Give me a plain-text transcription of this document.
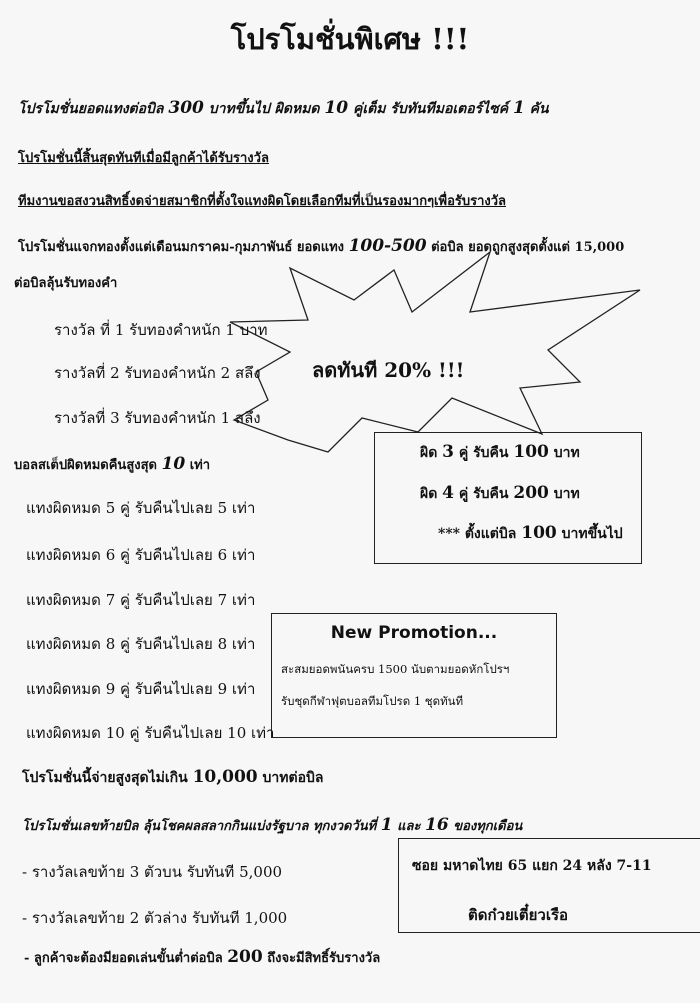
โปรโมชั่นพิเศษ !!!
โปรโมชั่นยอดแทงต่อบิล 300 บาทขึ้นไป ผิดหมด 10 คู่เต็ม รับทันทีมอเตอร์ไซค์ 1 คัน
โปรโมชั่นนี้สิ้นสุดทันทีเมื่อมีลูกค้าได้รับรางวัล
ทีมงานขอสงวนสิทธิ์งดจ่ายสมาชิกที่ตั้งใจแทงผิดโดยเลือกทีมที่เป็นรองมากๆเพื่อรับรางวัล
โปรโมชั่นแจกทองตั้งแต่เดือนมกราคม-กุมภาพันธ์ ยอดแทง 100-500 ต่อบิล ยอดถูกสูงสุดตั้งแต่ 15,000
ต่อบิลลุ้นรับทองคำ
รางวัล ที่ 1 รับทองคำหนัก 1 บาท
รางวัลที่ 2 รับทองคำหนัก 2 สลึง
รางวัลที่ 3 รับทองคำหนัก 1 สลึง
ลดทันที 20% !!!
ผิด 3 คู่ รับคืน 100 บาท
ผิด 4 คู่ รับคืน 200 บาท
*** ตั้งแต่บิล 100 บาทขึ้นไป
บอลสเต็ปผิดหมดคืนสูงสุด 10 เท่า
แทงผิดหมด 5 คู่ รับคืนไปเลย 5 เท่า
แทงผิดหมด 6 คู่ รับคืนไปเลย 6 เท่า
แทงผิดหมด 7 คู่ รับคืนไปเลย 7 เท่า
แทงผิดหมด 8 คู่ รับคืนไปเลย 8 เท่า
แทงผิดหมด 9 คู่ รับคืนไปเลย 9 เท่า
แทงผิดหมด 10 คู่ รับคืนไปเลย 10 เท่า
New Promotion...
สะสมยอดพนันครบ 1500 นับตามยอดหักโปรฯ
รับชุดกีฬาฟุตบอลทีมโปรด 1 ชุดทันที
โปรโมชั่นนี้จ่ายสูงสุดไม่เกิน 10,000 บาทต่อบิล
โปรโมชั่นเลขท้ายบิล ลุ้นโชคผลสลากกินแบ่งรัฐบาล ทุกงวดวันที่ 1 และ 16 ของทุกเดือน
- รางวัลเลขท้าย 3 ตัวบน รับทันที 5,000
- รางวัลเลขท้าย 2 ตัวล่าง รับทันที 1,000
- ลูกค้าจะต้องมียอดเล่นขั้นต่ำต่อบิล 200 ถึงจะมีสิทธิ์รับรางวัล
ซอย มหาดไทย 65 แยก 24 หลัง 7-11
ติดก๋วยเตี๋ยวเรือ
